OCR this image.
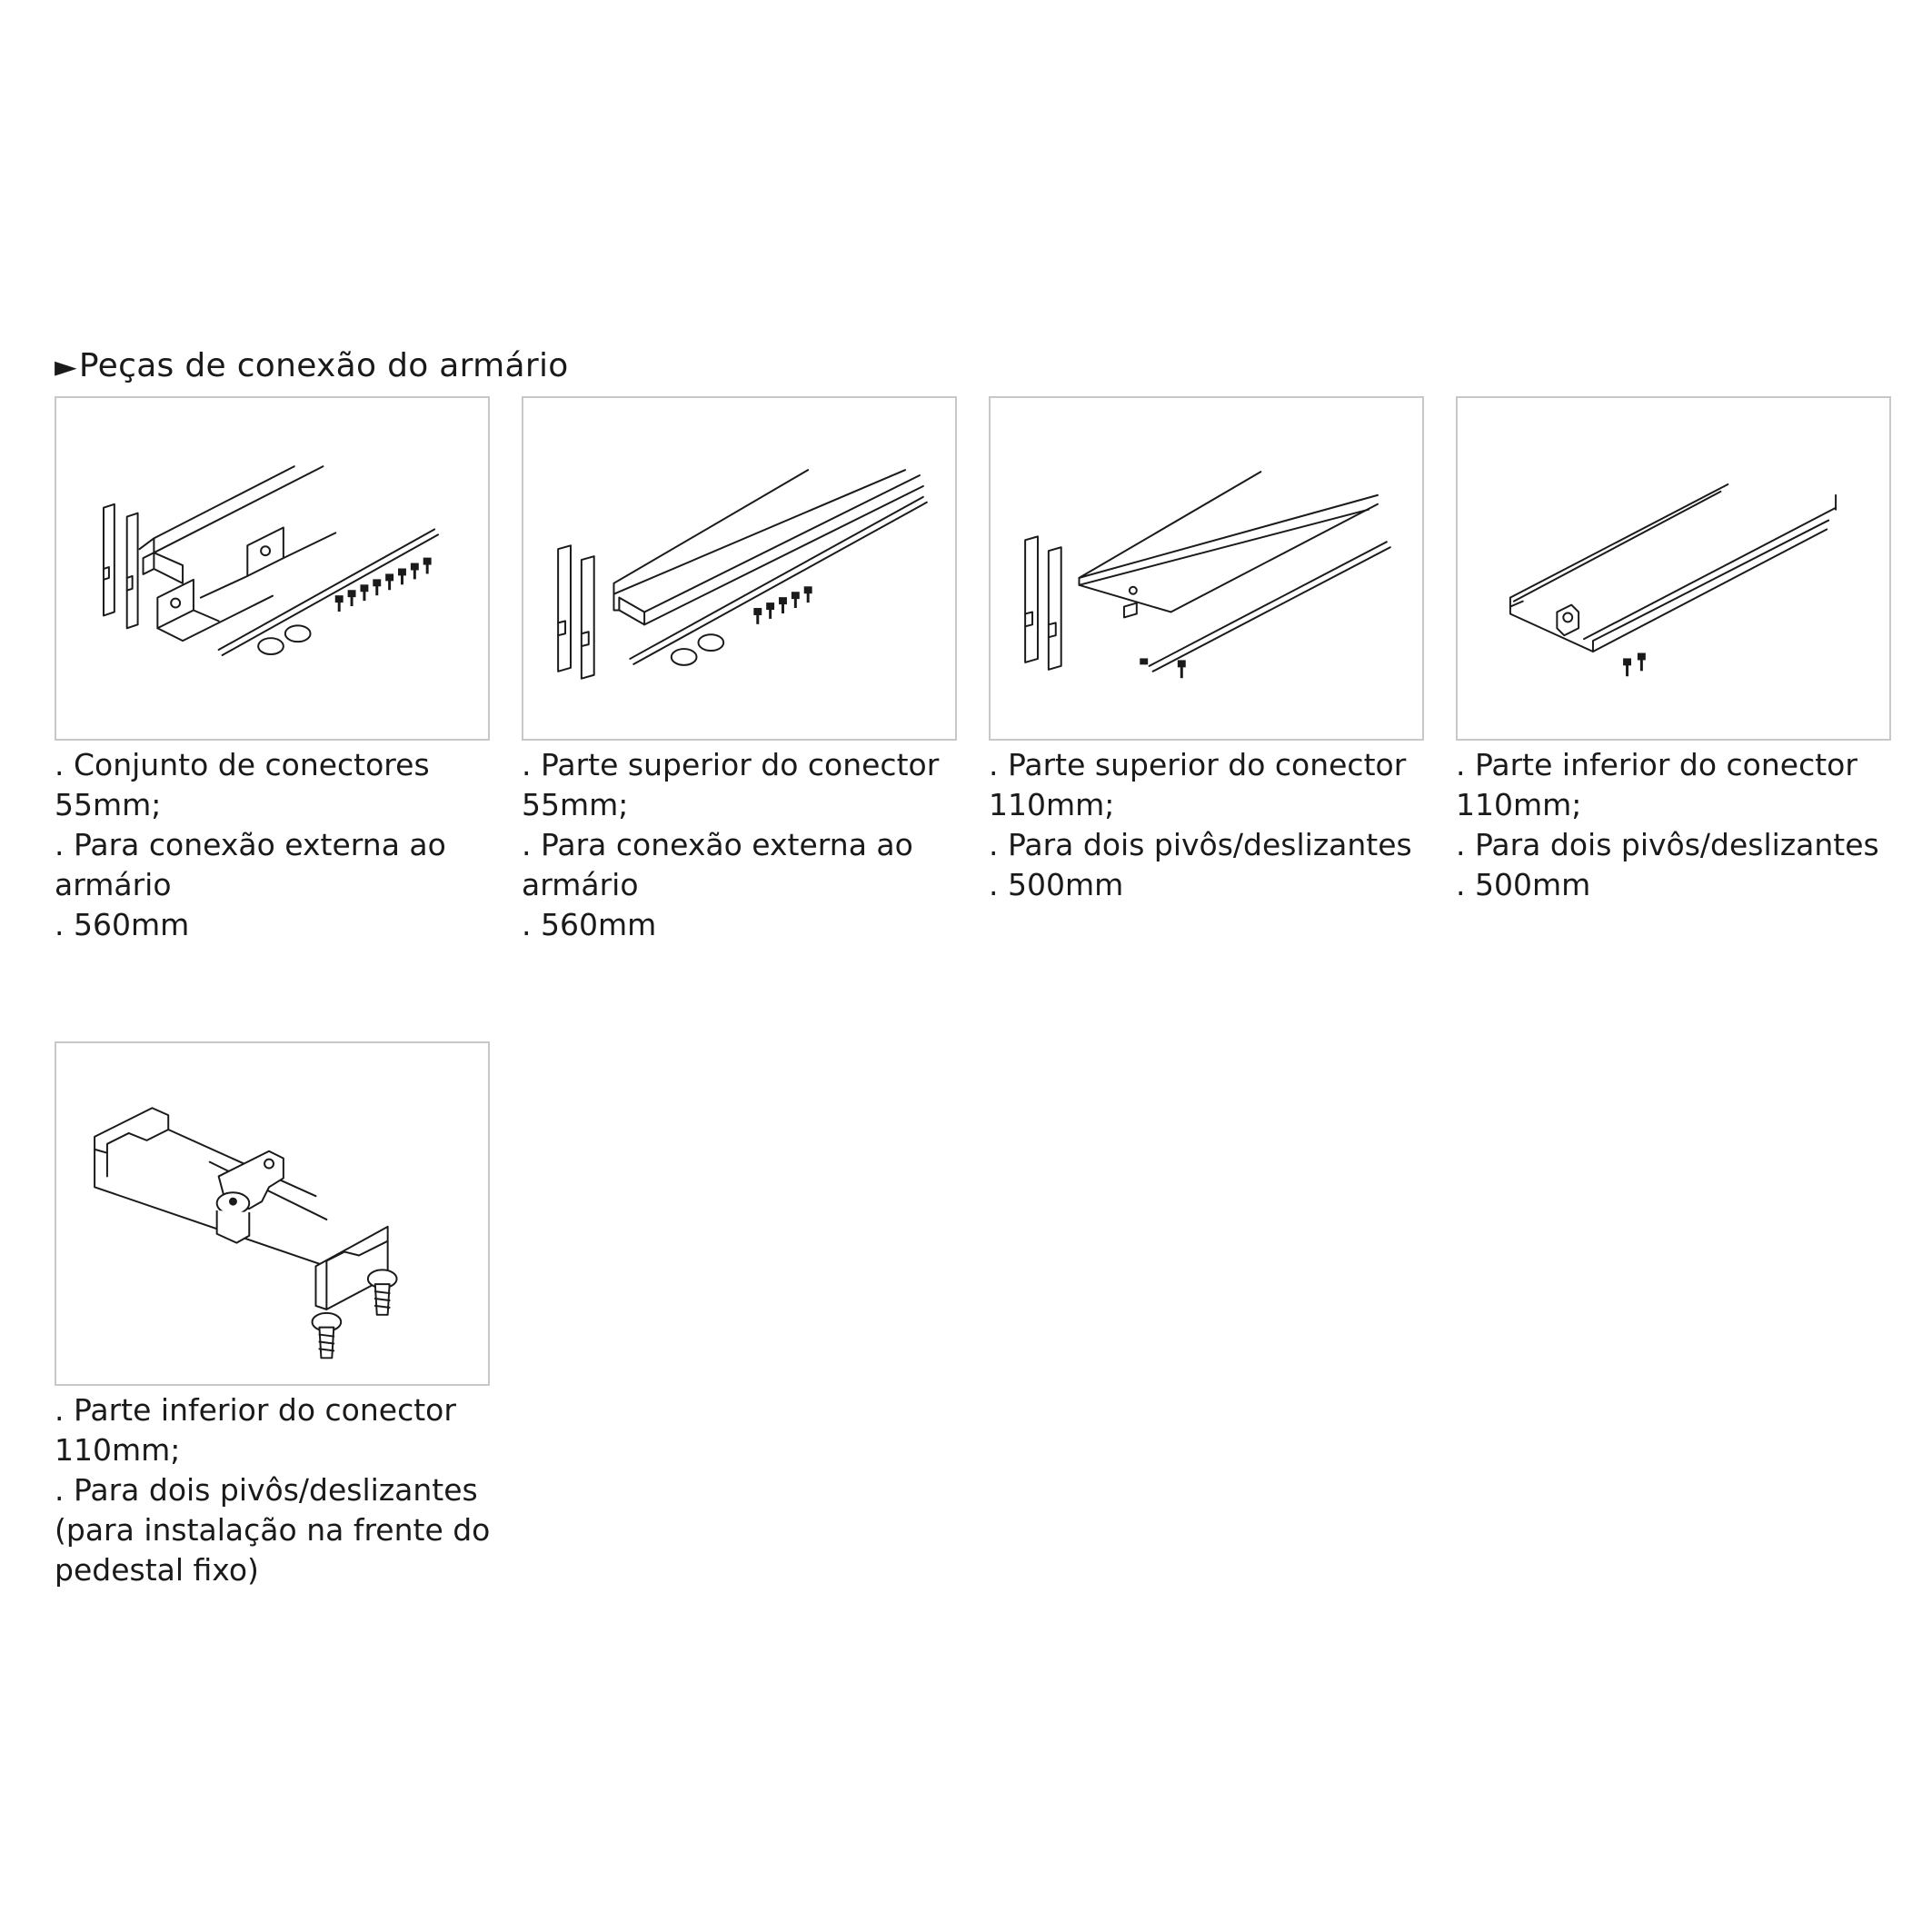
►Peças de conexão do armário
. Conjunto de conectores
55mm;
. Para conexão externa ao
armário
. 560mm
. Parte superior do conector
55mm;
. Para conexão externa ao
armário
. 560mm
. Parte superior do conector
110mm;
. Para dois pivôs/deslizantes
. 500mm
. Parte inferior do conector
110mm;
. Para dois pivôs/deslizantes
. 500mm
. Parte inferior do conector
110mm;
. Para dois pivôs/deslizantes
(para instalação na frente do
pedestal fixo)
